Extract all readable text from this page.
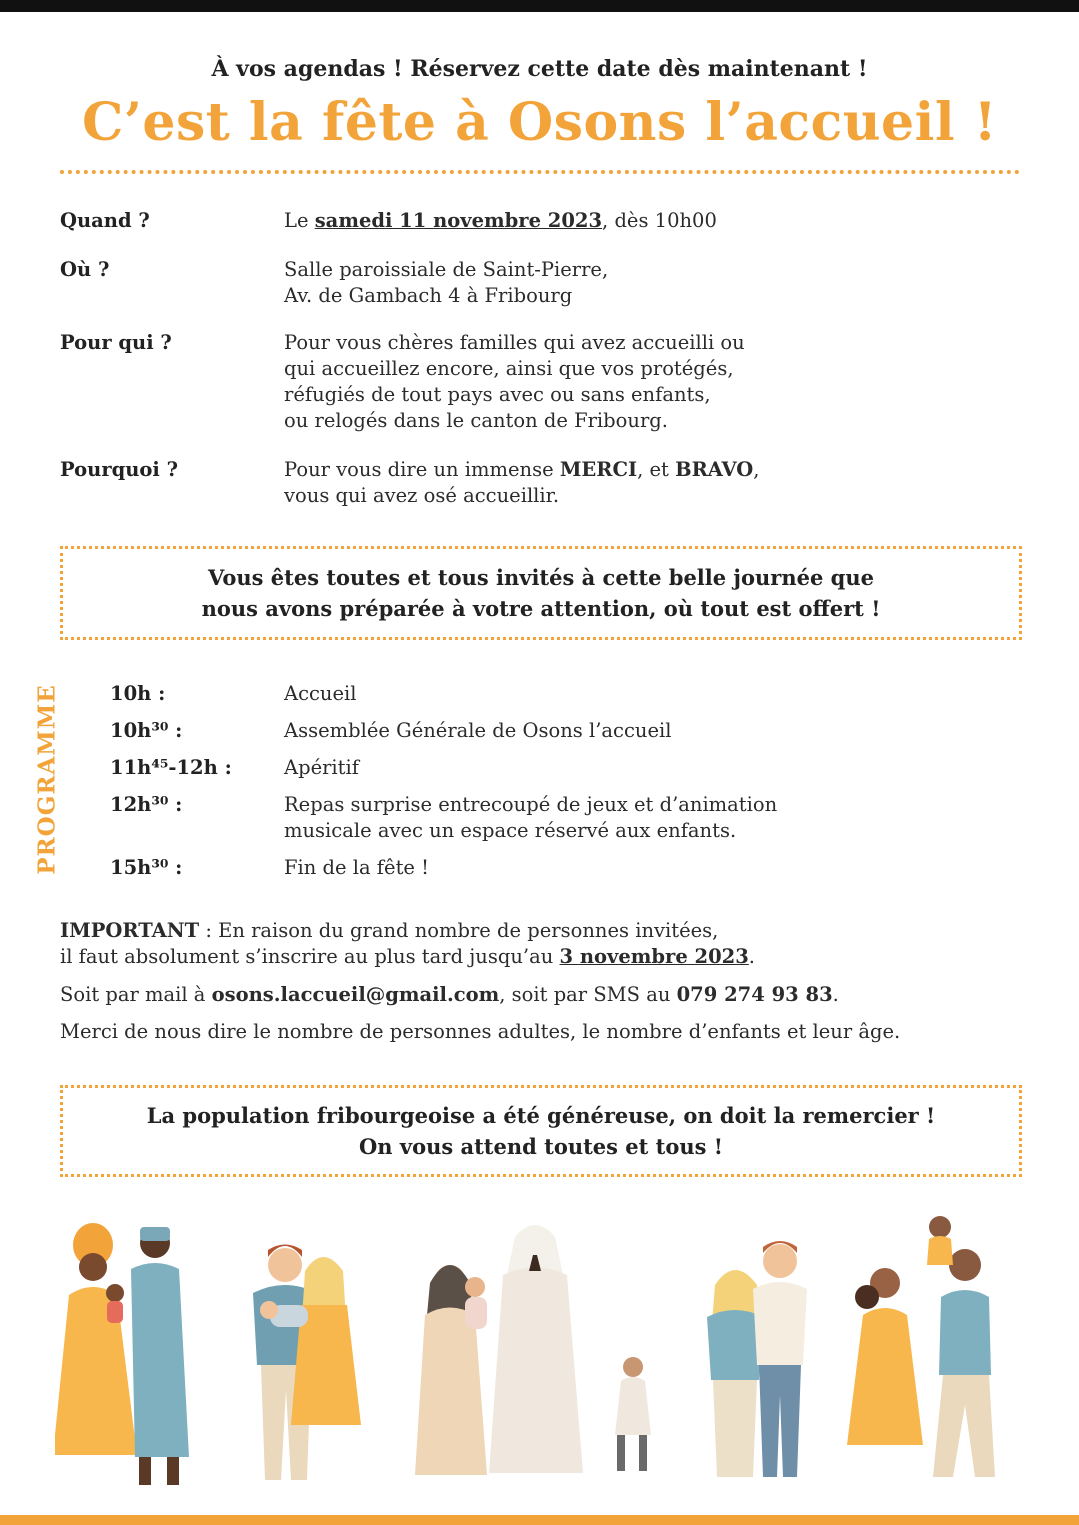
À vos agendas ! Réservez cette date dès maintenant !
C’est la fête à Osons l’accueil !
Quand ?	Le samedi 11 novembre 2023, dès 10h00
Où ?	Salle paroissiale de Saint-Pierre,
Av. de Gambach 4 à Fribourg
Pour qui ?	Pour vous chères familles qui avez accueilli ou
qui accueillez encore, ainsi que vos protégés,
réfugiés de tout pays avec ou sans enfants,
ou relogés dans le canton de Fribourg.
Pourquoi ?	Pour vous dire un immense MERCI, et BRAVO,
vous qui avez osé accueillir.
Vous êtes toutes et tous invités à cette belle journée que
nous avons préparée à votre attention, où tout est offert !
PROGRAMME	10h :	Accueil
10h³⁰ :	Assemblée Générale de Osons l’accueil
11h⁴⁵-12h :	Apéritif
12h³⁰ :	Repas surprise entrecoupé de jeux et d’animation
musicale avec un espace réservé aux enfants.
15h³⁰ :	Fin de la fête !
IMPORTANT : En raison du grand nombre de personnes invitées,
il faut absolument s’inscrire au plus tard jusqu’au 3 novembre 2023.
Soit par mail à osons.laccueil@gmail.com, soit par SMS au 079 274 93 83.
Merci de nous dire le nombre de personnes adultes, le nombre d’enfants et leur âge.
La population fribourgeoise a été généreuse, on doit la remercier !
On vous attend toutes et tous !
